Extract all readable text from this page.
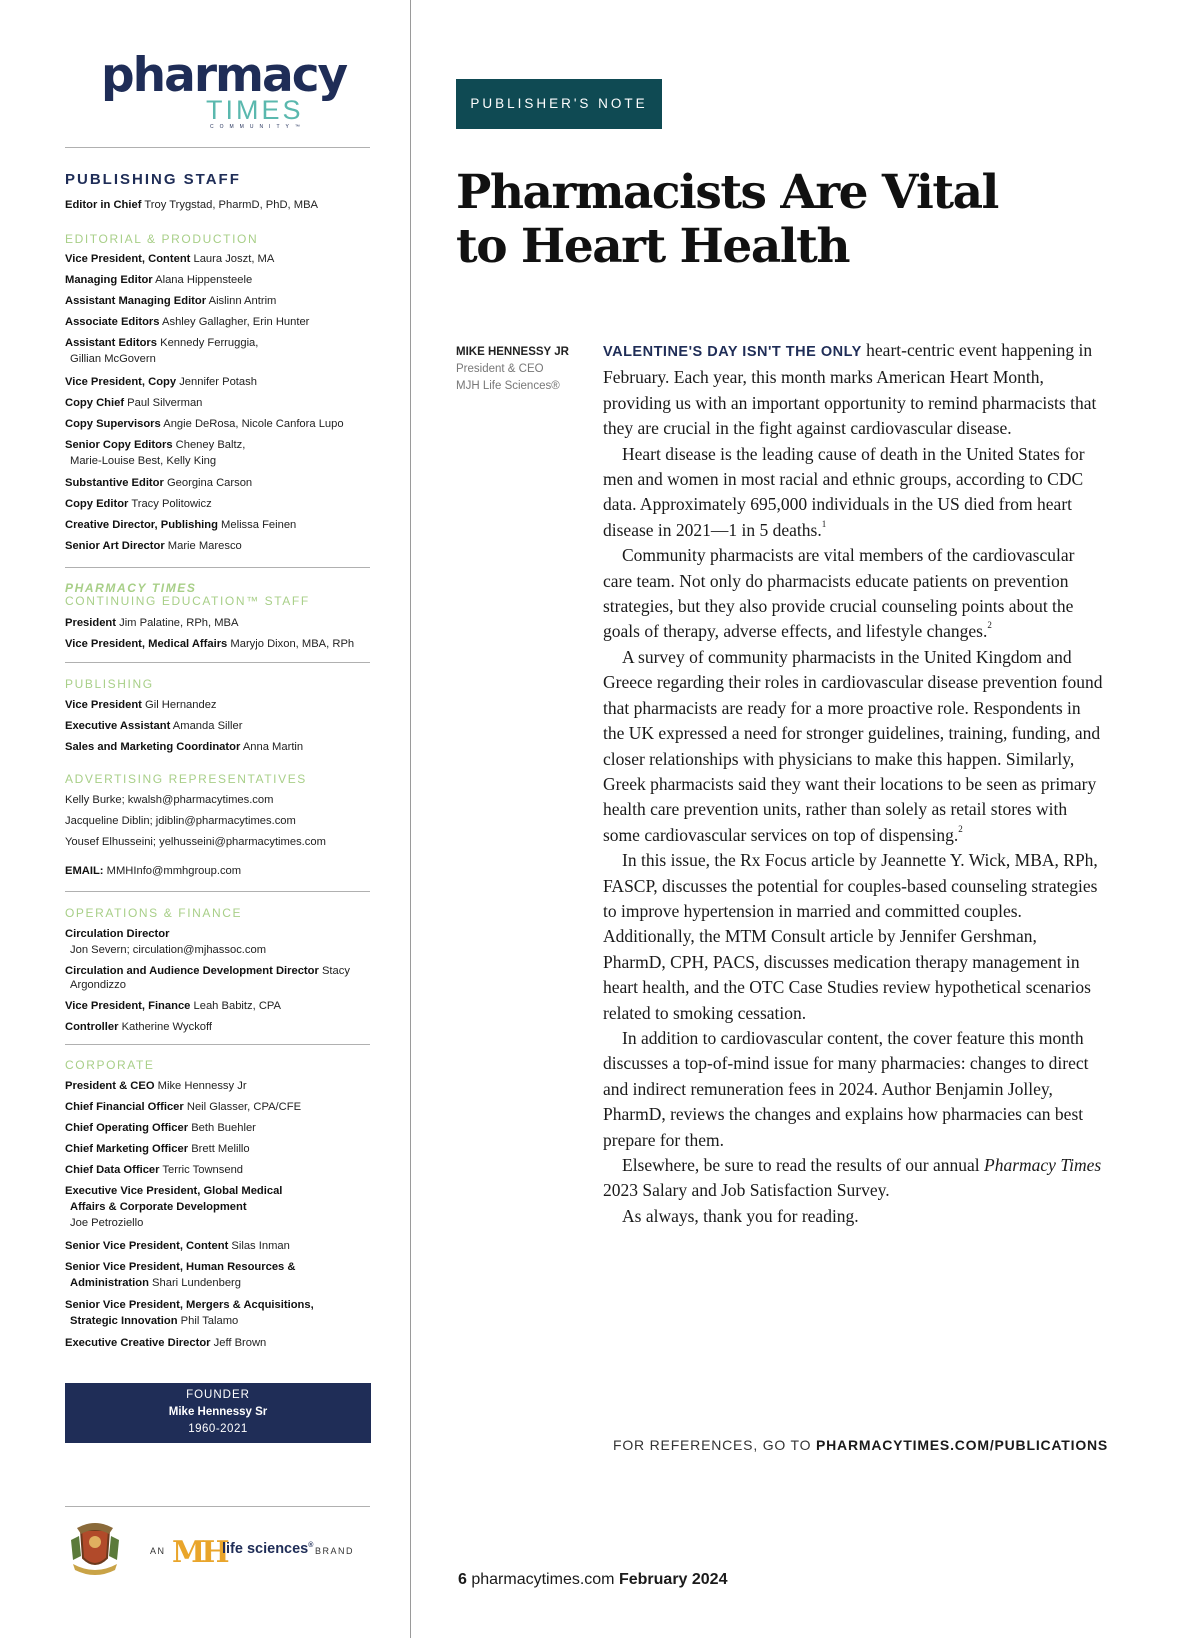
pharmacy
TIMES
COMMUNITY™
PUBLISHING STAFF
Editor in Chief Troy Trygstad, PharmD, PhD, MBA
EDITORIAL & PRODUCTION
Vice President, Content Laura Joszt, MA
Managing Editor Alana Hippensteele
Assistant Managing Editor Aislinn Antrim
Associate Editors Ashley Gallagher, Erin Hunter
Assistant Editors Kennedy Ferruggia,
Gillian McGovern
Vice President, Copy Jennifer Potash
Copy Chief Paul Silverman
Copy Supervisors Angie DeRosa, Nicole Canfora Lupo
Senior Copy Editors Cheney Baltz,
Marie-Louise Best, Kelly King
Substantive Editor Georgina Carson
Copy Editor Tracy Politowicz
Creative Director, Publishing Melissa Feinen
Senior Art Director Marie Maresco
PHARMACY TIMES
CONTINUING EDUCATION™ STAFF
President Jim Palatine, RPh, MBA
Vice President, Medical Affairs Maryjo Dixon, MBA, RPh
PUBLISHING
Vice President Gil Hernandez
Executive Assistant Amanda Siller
Sales and Marketing Coordinator Anna Martin
ADVERTISING REPRESENTATIVES
Kelly Burke; kwalsh@pharmacytimes.com
Jacqueline Diblin; jdiblin@pharmacytimes.com
Yousef Elhusseini; yelhusseini@pharmacytimes.com
EMAIL: MMHInfo@mmhgroup.com
OPERATIONS & FINANCE
Circulation Director
Jon Severn; circulation@mjhassoc.com
Circulation and Audience Development Director Stacy
Argondizzo
Vice President, Finance Leah Babitz, CPA
Controller Katherine Wyckoff
CORPORATE
President & CEO Mike Hennessy Jr
Chief Financial Officer Neil Glasser, CPA/CFE
Chief Operating Officer Beth Buehler
Chief Marketing Officer Brett Melillo
Chief Data Officer Terric Townsend
Executive Vice President, Global Medical
Affairs & Corporate Development
Joe Petroziello
Senior Vice President, Content Silas Inman
Senior Vice President, Human Resources &
Administration Shari Lundenberg
Senior Vice President, Mergers & Acquisitions,
Strategic Innovation Phil Talamo
Executive Creative Director Jeff Brown
FOUNDER
Mike Hennessy Sr
1960-2021
AN MH
life sciences®
BRAND
PUBLISHER'S NOTE
Pharmacists Are Vital
to Heart Health
MIKE HENNESSY JR
President & CEO
MJH Life Sciences®

VALENTINE'S DAY ISN'T THE ONLY heart-centric event happening in February. Each year, this month marks American Heart Month, providing us with an important opportunity to remind pharmacists that they are crucial in the fight against cardiovascular disease.

Heart disease is the leading cause of death in the United States for men and women in most racial and ethnic groups, according to CDC data. Approximately 695,000 individuals in the US died from heart disease in 2021—1 in 5 deaths.$^1$

Community pharmacists are vital members of the cardiovascular care team. Not only do pharmacists educate patients on prevention strategies, but they also provide crucial counseling points about the goals of therapy, adverse effects, and lifestyle changes.$^2$

A survey of community pharmacists in the United Kingdom and Greece regarding their roles in cardiovascular disease prevention found that pharmacists are ready for a more proactive role. Respondents in the UK expressed a need for stronger guidelines, training, funding, and closer relationships with physicians to make this happen. Similarly, Greek pharmacists said they want their locations to be seen as primary health care prevention units, rather than solely as retail stores with some cardiovascular services on top of dispensing.$^2$

In this issue, the Rx Focus article by Jeannette Y. Wick, MBA, RPh, FASCP, discusses the potential for couples-based counseling strategies to improve hypertension in married and committed couples. Additionally, the MTM Consult article by Jennifer Gershman, PharmD, CPH, PACS, discusses medication therapy management in heart health, and the OTC Case Studies review hypothetical scenarios related to smoking cessation.

In addition to cardiovascular content, the cover feature this month discusses a top-of-mind issue for many pharmacies: changes to direct and indirect remuneration fees in 2024. Author Benjamin Jolley, PharmD, reviews the changes and explains how pharmacies can best prepare for them.

Elsewhere, be sure to read the results of our annual Pharmacy Times 2023 Salary and Job Satisfaction Survey.

As always, thank you for reading.

FOR REFERENCES, GO TO PHARMACYTIMES.COM/PUBLICATIONS
6 pharmacytimes.com February 2024
